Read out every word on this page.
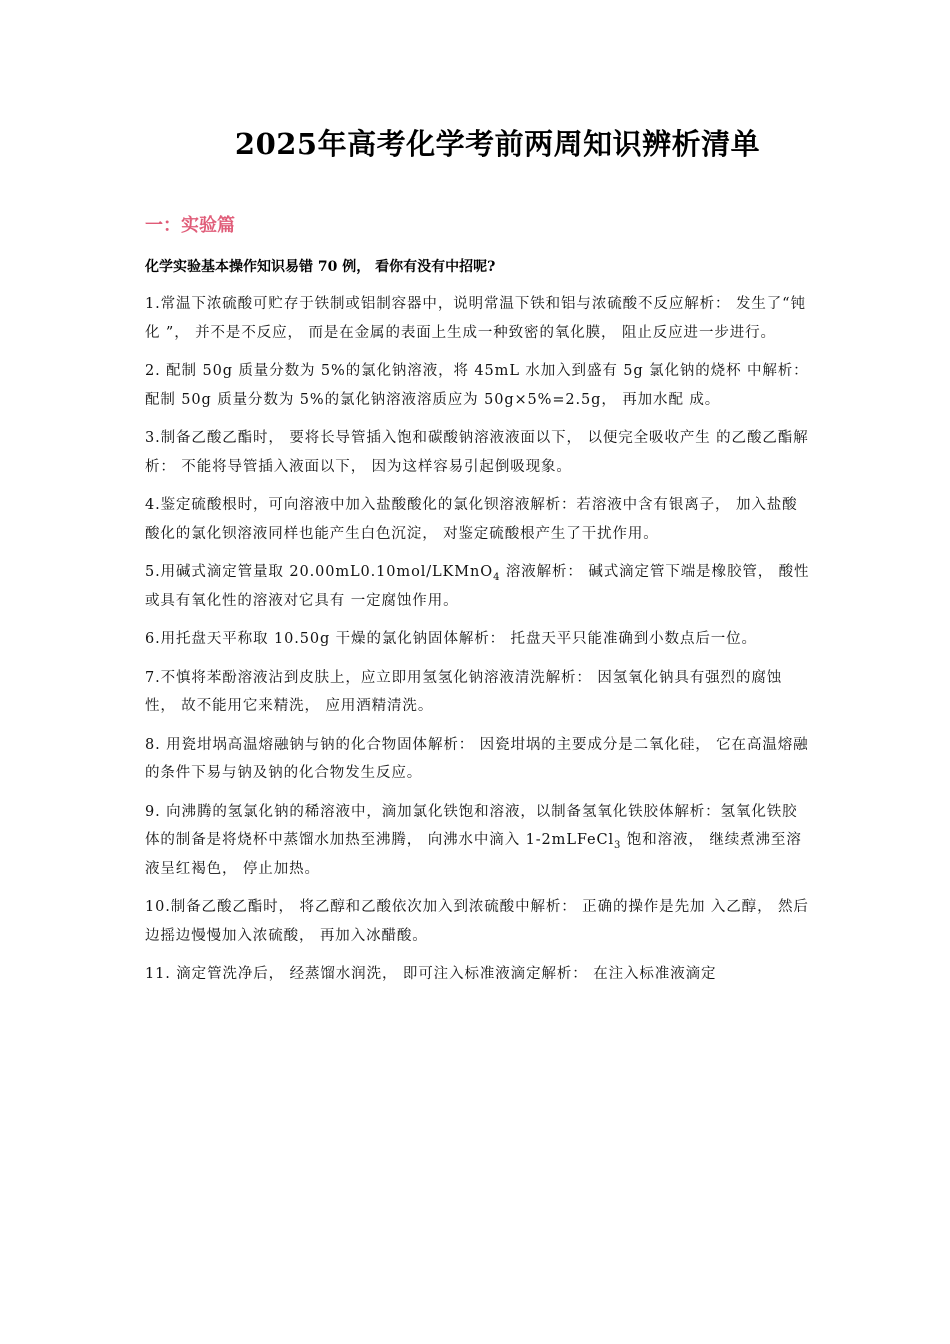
2025年高考化学考前两周知识辨析清单
一：实验篇
化学实验基本操作知识易错 70 例， 看你有没有中招呢?

1.常温下浓硫酸可贮存于铁制或铝制容器中，说明常温下铁和铝与浓硫酸不反应解析： 发生了“钝化 ”， 并不是不反应， 而是在金属的表面上生成一种致密的氧化膜， 阻止反应进一步进行。

2. 配制 50g 质量分数为 5%的氯化钠溶液，将 45mL 水加入到盛有 5g 氯化钠的烧杯 中解析： 配制 50g 质量分数为 5%的氯化钠溶液溶质应为 50g×5%=2.5g， 再加水配 成。

3.制备乙酸乙酯时， 要将长导管插入饱和碳酸钠溶液液面以下， 以便完全吸收产生 的乙酸乙酯解析： 不能将导管插入液面以下， 因为这样容易引起倒吸现象。

4.鉴定硫酸根时，可向溶液中加入盐酸酸化的氯化钡溶液解析：若溶液中含有银离子， 加入盐酸酸化的氯化钡溶液同样也能产生白色沉淀， 对鉴定硫酸根产生了干扰作用。

5.用碱式滴定管量取 20.00mL0.10mol/LKMnO$_4$ 溶液解析： 碱式滴定管下端是橡胶管， 酸性或具有氧化性的溶液对它具有 一定腐蚀作用。

6.用托盘天平称取 10.50g 干燥的氯化钠固体解析： 托盘天平只能准确到小数点后一位。

7.不慎将苯酚溶液沾到皮肤上，应立即用氢氢化钠溶液清洗解析： 因氢氧化钠具有强烈的腐蚀性， 故不能用它来精洗， 应用酒精清洗。

8. 用瓷坩埚高温熔融钠与钠的化合物固体解析： 因瓷坩埚的主要成分是二氧化硅， 它在高温熔融的条件下易与钠及钠的化合物发生反应。

9. 向沸腾的氢氯化钠的稀溶液中，滴加氯化铁饱和溶液，以制备氢氧化铁胶体解析：氢氧化铁胶体的制备是将烧杯中蒸馏水加热至沸腾， 向沸水中滴入 1-2mLFeCl$_3$ 饱和溶液， 继续煮沸至溶液呈红褐色， 停止加热。

10.制备乙酸乙酯时， 将乙醇和乙酸依次加入到浓硫酸中解析： 正确的操作是先加 入乙醇， 然后边摇边慢慢加入浓硫酸， 再加入冰醋酸。

11. 滴定管洗净后， 经蒸馏水润洗， 即可注入标准液滴定解析： 在注入标准液滴定
